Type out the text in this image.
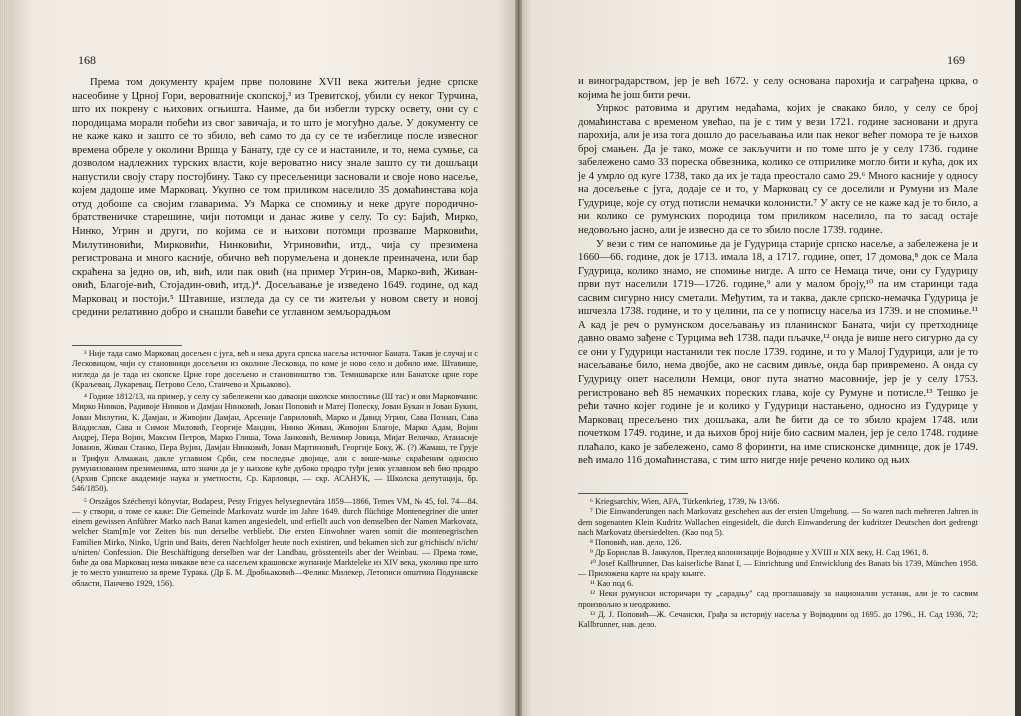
168

Према том документу крајем прве половине XVII века житељи једне српске насеобине у Црној Гори, вероватније скопској,³ из Тревитскoј, убили су неког Турчина, што их покрену с њихових огњишта. Наиме, да би избегли турску освету, они су с породицама морали побећи из свог завичаја, и то што је могуђно даље. У документу се не каже како и зашто се то збило, већ само то да су се те избеглице после извесног времена обреле у околини Вршца у Банату, где су се и настаниле, и то, нема сумње, са дозволом надлежних турских власти, које вероватно нису знале зашто су ти дошљаци напустили своју стару постојбину. Тако су пресељеници засновали и своје ново насеље, којем дадоше име Марковац. Укупно се том приликом населило 35 домаћинстава која отуд добоше са својим главарима. Уз Марка се спомињу и неке друге породично-братственичке старешине, чији потомци и данас живе у селу. То су: Бајић, Мирко, Нинко, Угрин и други, по којима се и њихови потомци прозваше Марковићи, Милутиновићи, Мирковићи, Нинковићи, Угриновићи, итд., чија су презимена регистрована и много касније, обично већ порумељена и донекле преиначена, или бар скраћена за једно ов, ић, вић, или пак овић (на пример Угрин-ов, Марко-вић, Живан-овић, Благоје-вић, Стојадин-овић, итд.)⁴. Досељавање је изведено 1649. године, од кад Марковац и постоји.⁵ Штавише, изгледа да су се ти житељи у новом свету и новој средини релативно добро и снашли бавећи се углавном земљорадњом

³ Није тада само Марковац досељен с југа, већ и нека друга српска насеља источног Баната. Такав је случај и с Лесковицом, чији су становници досељени из околине Лесковца, по коме је ново село и добило име. Штавише, изгледа да је тада из скопске Црне горе досељено и становништво тзв. Темишварске или Банатске црне горе (Краљевац, Лукаревац, Петрово Село, Станчево и Хрњаково).

⁴ Године 1812/13, на пример, у селу су забележени као даваоци школске милостиње (Ш тас) и ови Марковчани: Мирко Нинков, Радивоје Нинков и Дамјан Нинковић, Јован Поповић и Матеј Попеску, Јован Букан и Јован Букин, Јован Милутин, К. Дамјан, и Живојин Дамјан, Арсеније Гавриловић, Марко и Давид Угрин, Сава Познан, Сава Владислав, Сава и Симон Миловић, Георгије Мандин, Нинко Живан, Живојин Благоје, Марко Адам, Војин Андреј, Пера Војин, Максим Петров, Марко Глиша, Тома Јанковић, Велимир Јовица, Мијат Величко, Атанасије Јованов, Живан Станко, Пера Вујин, Дамјан Нинковић, Јован Мартиновић, Георгије Боку, Ж. (?) Жамаш, те Грује и Трифун Алмажан, дакле углавном Срби, сем последње двојице, али с више-мање скраћеним односно румунизованим презименима, што значи да је у њихове куће дубоко продро туђи језик углавном већ био продро (Архив Српске академије наука и уметности, Ср. Карловци, — скр. АСАНУК, — Школска депутација, бр. 546/1850).

⁵ Országos Széchenyi könyvtar, Budapest, Pesty Frigyes helysegnevtára 1859—1866, Temes VM, № 45, fol. 74—84. — у створи, о томе се каже: Die Gemeinde Markovatz wurde im Jahre 1649. durch flüchtige Montenegriner die unter einem gewissen Anführer Marko nach Banat kamen angesiedelt, und erfiellt auch von demselben der Namen Markovatz, welcher Stam[m]e vor Zeiten bis nun derselbe verbliebt. Die ersten Einwohner waren somit die montenegrischen Familien Mirko, Ninko, Ugrin und Baits, deren Nachfolger heute noch existiren, und bekamen sich zur g/richisch/ n/icht/ u/nirten/ Confession. Die Beschäftigung derselben war der Landbau, grösstenteils aber der Weinbau. — Према томе, биће да ова Марковац нема никакве везе са насељем крашовске жупаније Markteleke из XIV века, уколико пре што је то место уништено за време Турака. (Др Б. М. Дробњаковић—Феликс Милекер, Летописи општина Подунавске области, Панчево 1929, 156).

169

и виноградарством, јер је већ 1672. у селу основана парохија и саграђена црква, о којима ће још бити речи.

Упркос ратовима и другим недаћама, којих је свакако било, у селу се број домаћинстава с временом увећао, па је с тим у вези 1721. године засновани и друга парохија, али је иза тога дошло до расељавања или пак неког већег помора те је њихов број смањен. Да је тако, може се закључити и по томе што је у селу 1736. године забележено само 33 пореска обвезника, колико се отприлике могло бити и кућа, док их је 4 умрло од куге 1738, тако да их је тада преостало само 29.⁶ Много касније у односу на досељење с југа, додаје се и то, у Марковац су се доселили и Румуни из Мале Гудурице, које су отуд потисли немачки колонисти.⁷ У акту се не каже кад је то било, а ни колико се румунских породица том приликом населило, па то засад остаје недовољно јасно, али је извесно да се то збило после 1739. године.

У вези с тим се напомиње да је Гудурица старије српско насеље, а забележена је и 1660—66. године, док је 1713. имала 18, а 1717. године, опет, 17 домова,⁸ док се Мала Гудурица, колико знамо, не спомиње нигде. А што се Немаца тиче, они су Гудурицу први пут населили 1719—1726. године,⁹ али у малом броју,¹⁰ па им старинци тада сасвим сигурно нису сметали. Међутим, та и таква, дакле српско-немачка Гудурица је ишчезла 1738. године, и то у целини, па се у пописцу насеља из 1739. и не спомиње.¹¹ А кад је реч о румунском досељавању из планинског Баната, чији су претходнице давно овамо зађене с Турцима већ 1738. пади пљачке,¹² онда је више него сигурно да су се они у Гудурици настанили тек после 1739. године, и то у Малој Гудурици, али је то насељавање било, нема двојбе, ако не сасвим дивље, онда бар привремено. А онда су Гудурицу опет населили Немци, овог пута знатно масовније, јер је у селу 1753. регистровано већ 85 немачких пореских глава, које су Румуне и потисле.¹³ Тешко је рећи тачно којег године је и колико у Гудурици настањено, односно из Гудурице у Марковац пресељено тих дошљака, али ће бити да се то збило крајем 1748. или почетком 1749. године, и да њихов број није био сасвим мален, јер је село 1748. године плаћало, како је забележено, само 8 форинти, на име списконске димнице, док је 1749. већ имало 116 домаћинстава, с тим што нигде није речено колико од њих

⁶ Kriegsarchiv, Wien, AFA, Türkenkrieg, 1739, № 13/66.

⁷ Die Einwanderungen nach Markovatz geschehen aus der ersten Umgebung. — So waren nach mehreren Jahren in dem sogenanten Klein Kudritz Wallachen eingesidelt, die durch Einwanderung der kudritzer Deutschen dort gedrengt nach Markovatz übersiedelten. (Као под 5).

⁸ Поповић, нав. дело, 126.

⁹ Др Борислав В. Јанкулов, Преглед колонизације Војводине у XVIII и XIX веку, Н. Сад 1961, 8.

¹⁰ Josef Kallbrunner, Das kaiserliche Banat I, — Einrichtung und Entwicklung des Banats bis 1739, München 1958. — Приложена карте на крају књиге.

¹¹ Као под 6.

¹² Неки румунски историчари ту „сарадњу" сад проглашавају за национални устанак, али је то сасвим произвољно и неодрживо.

¹³ Д. Ј. Поповић—Ж. Сечански, Грађа за историју насеља у Војводини од 1695. до 1796., Н. Сад 1936, 72; Kallbrunner, нав. дело.
